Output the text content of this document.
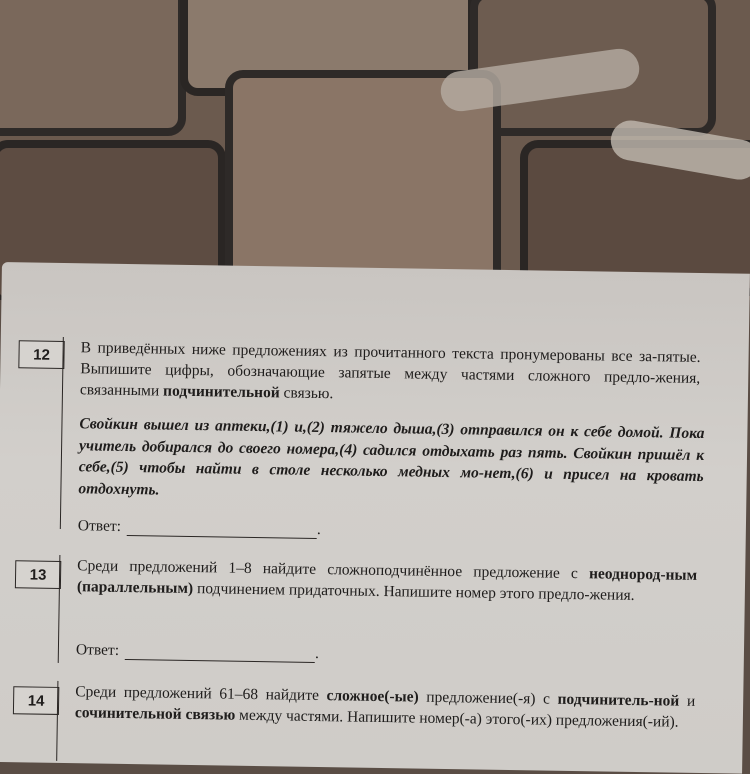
12	В приведённых ниже предложениях из прочитанного текста пронумерованы все за-пятые. Выпишите цифры, обозначающие запятые между частями сложного предло-жения, связанными подчинительной связью.
Свойкин вышел из аптеки,(1) и,(2) тяжело дыша,(3) отправился он к себе домой. Пока учитель добирался до своего номера,(4) садился отдыхать раз пять. Свойкин пришёл к себе,(5) чтобы найти в столе несколько медных мо-нет,(6) и присел на кровать отдохнуть.
Ответ:	.
13	Среди предложений 1–8 найдите сложноподчинённое предложение с неоднород-ным (параллельным) подчинением придаточных. Напишите номер этого предло-жения.
Ответ:	.
14	Среди предложений 61–68 найдите сложное(-ые) предложение(-я) с подчинитель-ной и сочинительной связью между частями. Напишите номер(-а) этого(-их) предложения(-ий).
